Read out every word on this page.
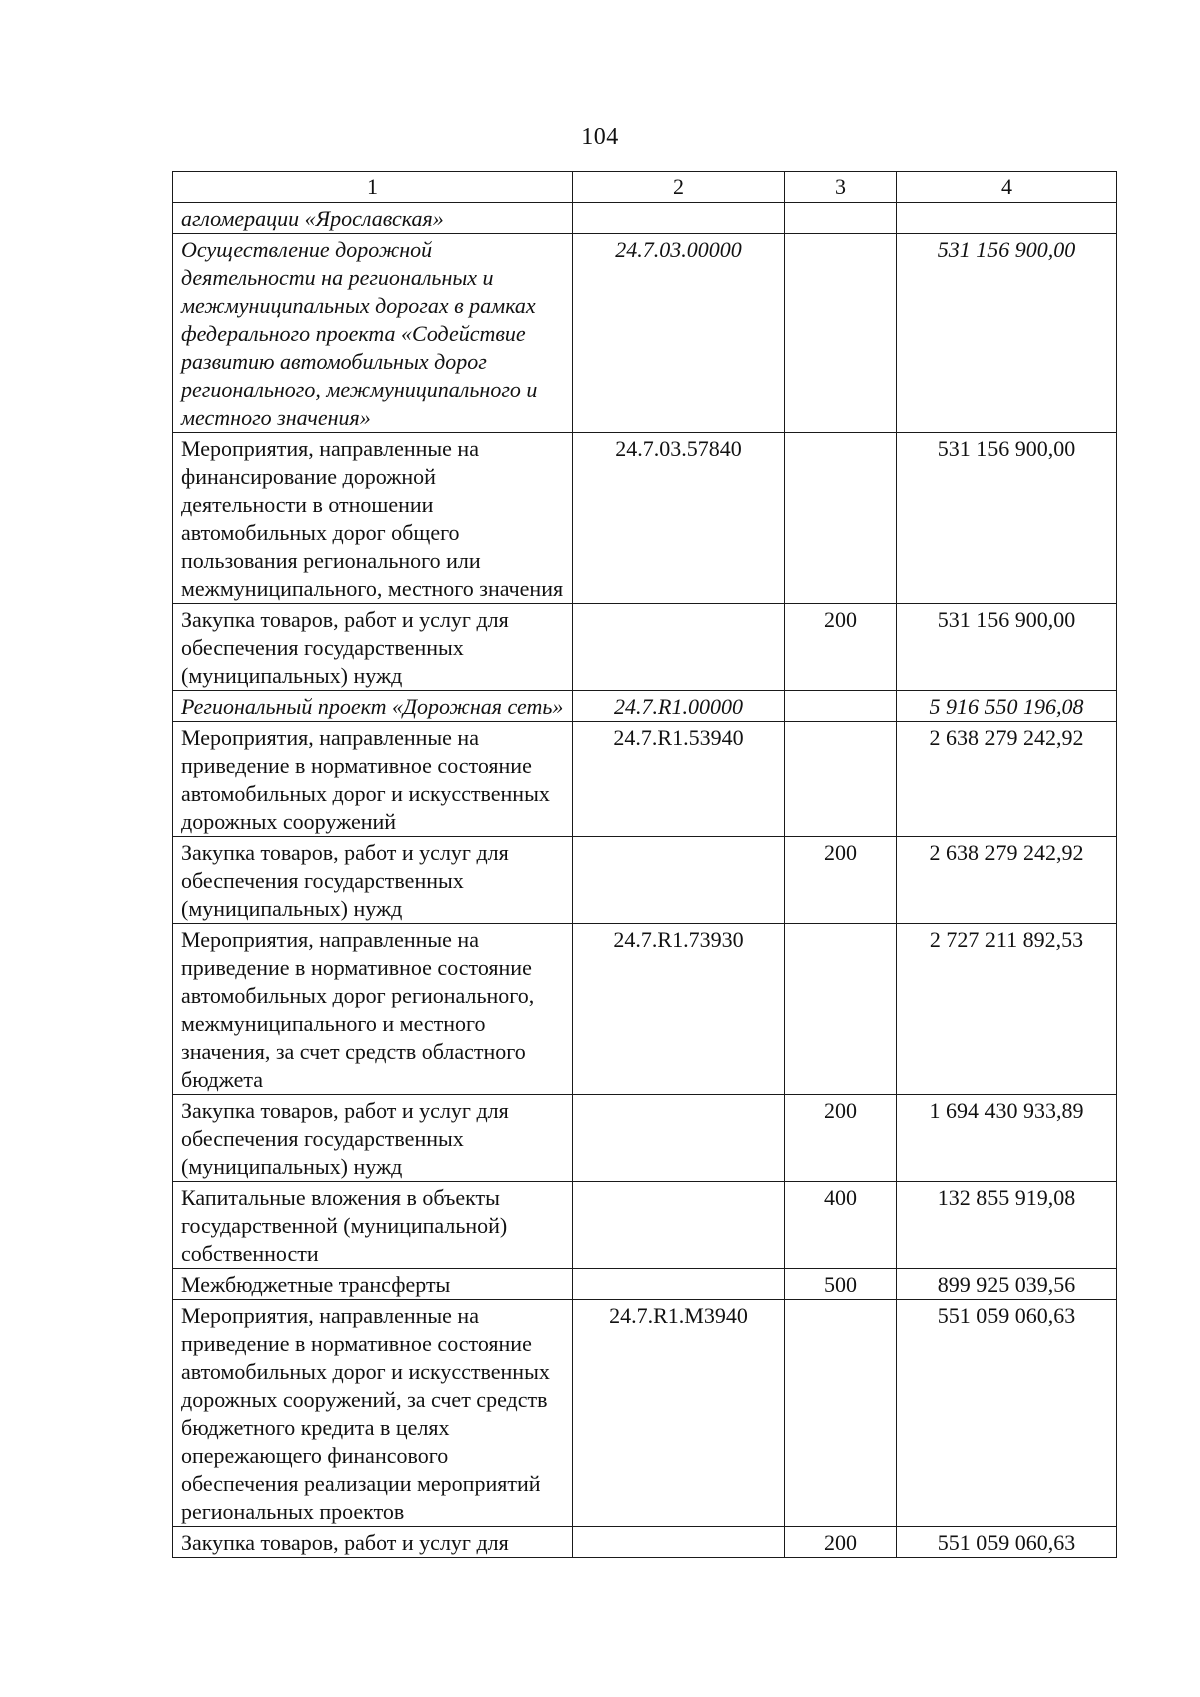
104
1	2	3	4
агломерации «Ярославская»			
Осуществление дорожной деятельности на региональных и межмуниципальных дорогах в рамках федерального проекта «Содействие развитию автомобильных дорог регионального, межмуниципального и местного значения»	24.7.03.00000		531 156 900,00
Мероприятия, направленные на финансирование дорожной деятельности в отношении автомобильных дорог общего пользования регионального или межмуниципального, местного значения	24.7.03.57840		531 156 900,00
Закупка товаров, работ и услуг для обеспечения государственных (муниципальных) нужд		200	531 156 900,00
Региональный проект «Дорожная сеть»	24.7.R1.00000		5 916 550 196,08
Мероприятия, направленные на приведение в нормативное состояние автомобильных дорог и искусственных дорожных сооружений	24.7.R1.53940		2 638 279 242,92
Закупка товаров, работ и услуг для обеспечения государственных (муниципальных) нужд		200	2 638 279 242,92
Мероприятия, направленные на приведение в нормативное состояние автомобильных дорог регионального, межмуниципального и местного значения, за счет средств областного бюджета	24.7.R1.73930		2 727 211 892,53
Закупка товаров, работ и услуг для обеспечения государственных (муниципальных) нужд		200	1 694 430 933,89
Капитальные вложения в объекты государственной (муниципальной) собственности		400	132 855 919,08
Межбюджетные трансферты		500	899 925 039,56
Мероприятия, направленные на приведение в нормативное состояние автомобильных дорог и искусственных дорожных сооружений, за счет средств бюджетного кредита в целях опережающего финансового обеспечения реализации мероприятий региональных проектов	24.7.R1.M3940		551 059 060,63
Закупка товаров, работ и услуг для		200	551 059 060,63
